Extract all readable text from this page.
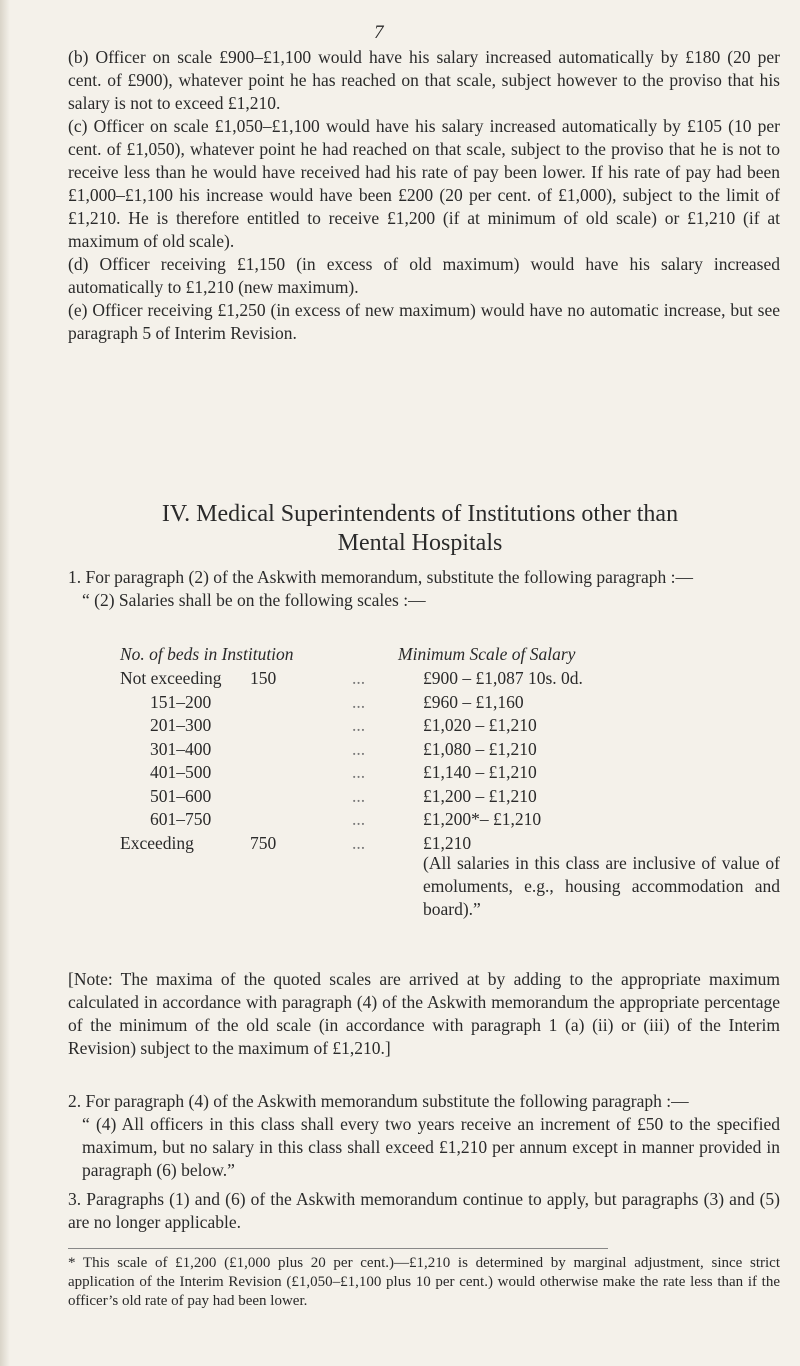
7

(b) Officer on scale £900–£1,100 would have his salary increased automatically by £180 (20 per cent. of £900), whatever point he has reached on that scale, subject however to the proviso that his salary is not to exceed £1,210.

(c) Officer on scale £1,050–£1,100 would have his salary increased automatically by £105 (10 per cent. of £1,050), whatever point he had reached on that scale, subject to the proviso that he is not to receive less than he would have received had his rate of pay been lower. If his rate of pay had been £1,000–£1,100 his increase would have been £200 (20 per cent. of £1,000), subject to the limit of £1,210. He is therefore entitled to receive £1,200 (if at minimum of old scale) or £1,210 (if at maximum of old scale).

(d) Officer receiving £1,150 (in excess of old maximum) would have his salary increased automatically to £1,210 (new maximum).

(e) Officer receiving £1,250 (in excess of new maximum) would have no automatic increase, but see paragraph 5 of Interim Revision.

IV. Medical Superintendents of Institutions other than
Mental Hospitals

1. For paragraph (2) of the Askwith memorandum, substitute the following paragraph :—

“ (2) Salaries shall be on the following scales :—

No. of beds in Institution	Minimum Scale of Salary
Not exceeding 150	...	£900 – £1,087 10s. 0d.
151–200	...	£960 – £1,160
201–300	...	£1,020 – £1,210
301–400	...	£1,080 – £1,210
401–500	...	£1,140 – £1,210
501–600	...	£1,200 – £1,210
601–750	...	£1,200*– £1,210
Exceeding	750	...	£1,210
(All salaries in this class are inclusive of value of emoluments, e.g., housing accommodation and board).”
[Note: The maxima of the quoted scales are arrived at by adding to the appropriate maximum calculated in accordance with paragraph (4) of the Askwith memorandum the appropriate percentage of the minimum of the old scale (in accordance with paragraph 1 (a) (ii) or (iii) of the Interim Revision) subject to the maximum of £1,210.]

2. For paragraph (4) of the Askwith memorandum substitute the following paragraph :—

“ (4) All officers in this class shall every two years receive an increment of £50 to the specified maximum, but no salary in this class shall exceed £1,210 per annum except in manner provided in paragraph (6) below.”

3. Paragraphs (1) and (6) of the Askwith memorandum continue to apply, but paragraphs (3) and (5) are no longer applicable.
* This scale of £1,200 (£1,000 plus 20 per cent.)—£1,210 is determined by marginal adjustment, since strict application of the Interim Revision (£1,050–£1,100 plus 10 per cent.) would otherwise make the rate less than if the officer’s old rate of pay had been lower.
